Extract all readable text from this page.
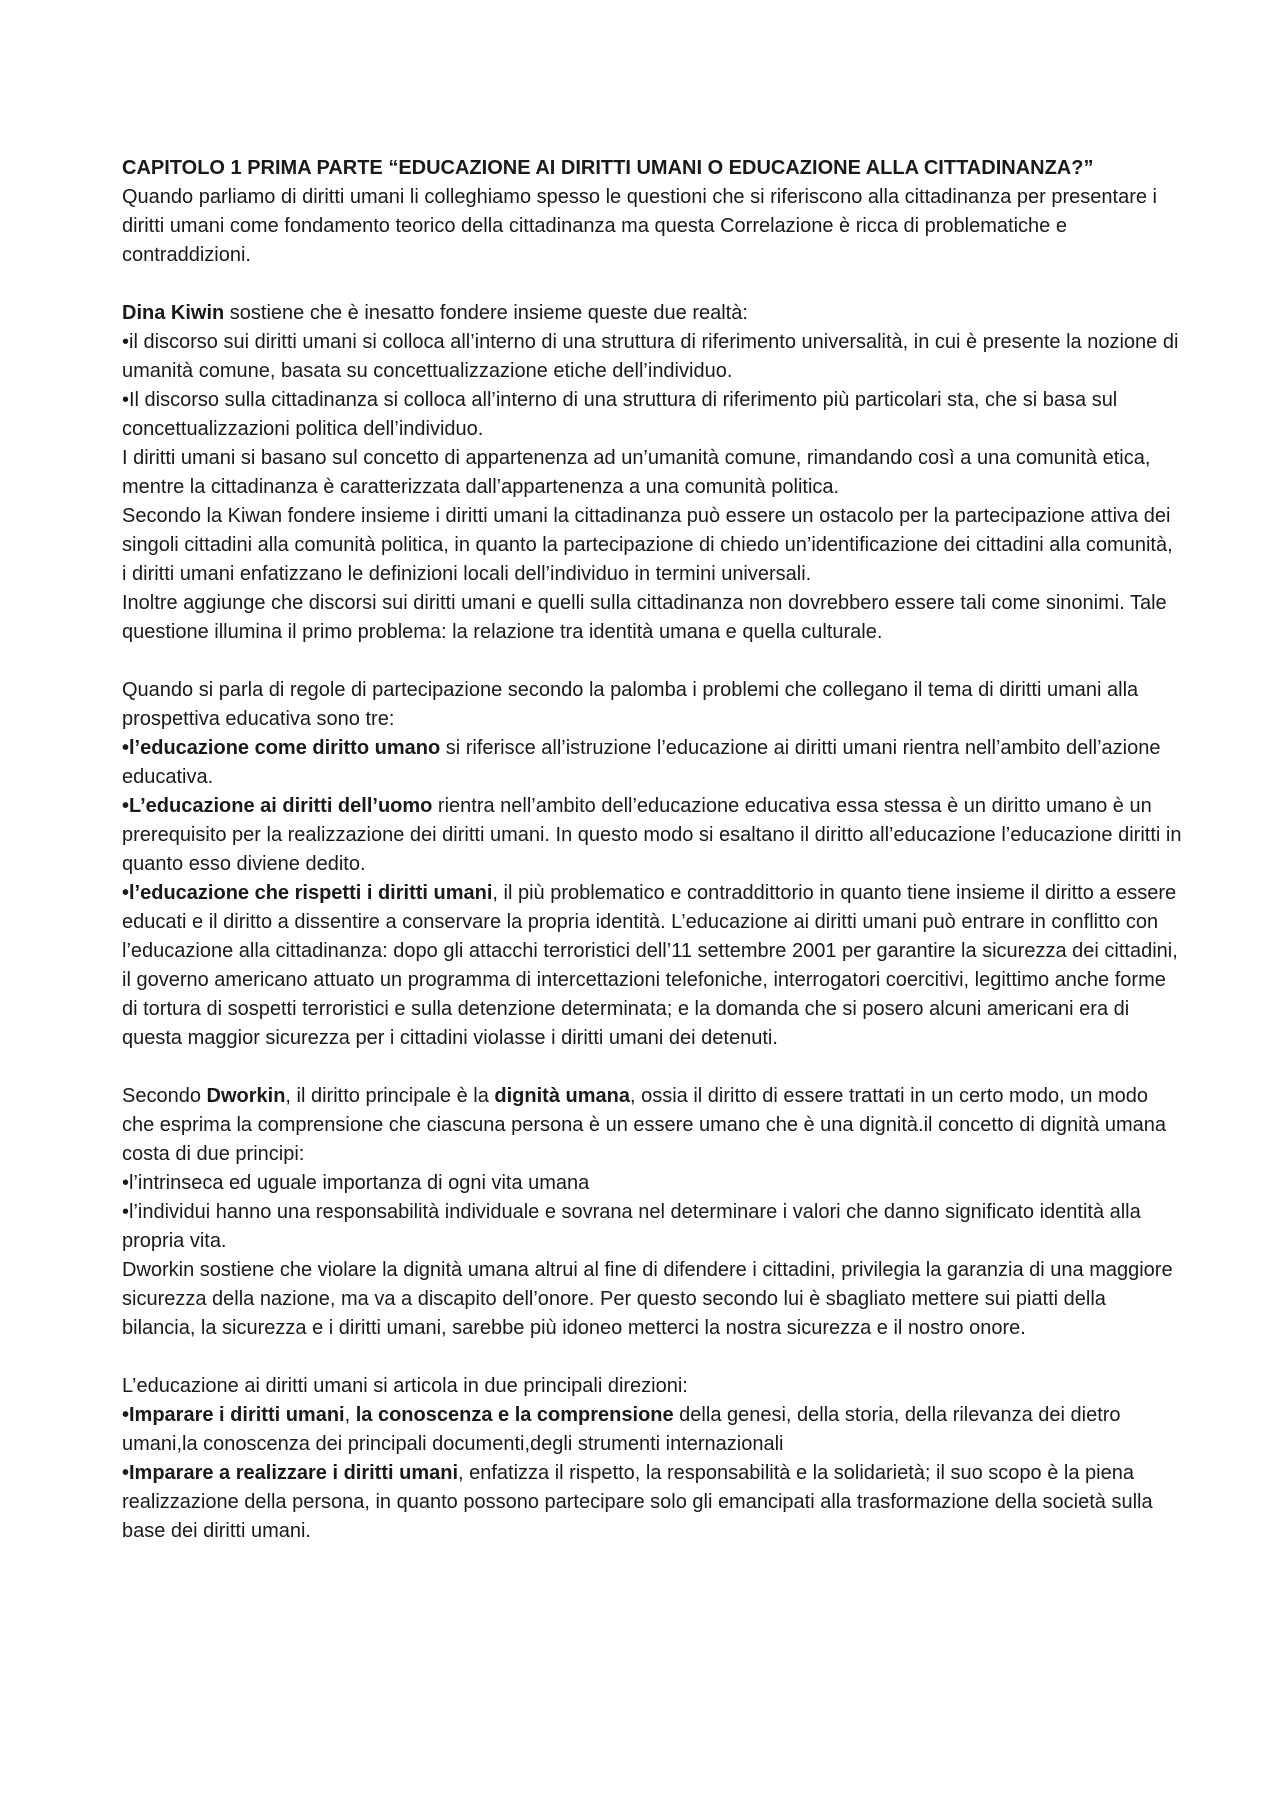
CAPITOLO 1 PRIMA PARTE “EDUCAZIONE AI DIRITTI UMANI O EDUCAZIONE ALLA CITTADINANZA?”

Quando parliamo di diritti umani li colleghiamo spesso le questioni che si riferiscono alla cittadinanza per presentare i diritti umani come fondamento teorico della cittadinanza ma questa Correlazione è ricca di problematiche e contraddizioni.

Dina Kiwin sostiene che è inesatto fondere insieme queste due realtà:

•il discorso sui diritti umani si colloca all’interno di una struttura di riferimento universalità, in cui è presente la nozione di umanità comune, basata su concettualizzazione etiche dell’individuo.

•Il discorso sulla cittadinanza si colloca all’interno di una struttura di riferimento più particolari sta, che si basa sul concettualizzazioni politica dell’individuo.

I diritti umani si basano sul concetto di appartenenza ad un’umanità comune, rimandando così a una comunità etica, mentre la cittadinanza è caratterizzata dall’appartenenza a una comunità politica.

Secondo la Kiwan fondere insieme i diritti umani la cittadinanza può essere un ostacolo per la partecipazione attiva dei singoli cittadini alla comunità politica, in quanto la partecipazione di chiedo un’identificazione dei cittadini alla comunità, i diritti umani enfatizzano le definizioni locali dell’individuo in termini universali.

Inoltre aggiunge che discorsi sui diritti umani e quelli sulla cittadinanza non dovrebbero essere tali come sinonimi. Tale questione illumina il primo problema: la relazione tra identità umana e quella culturale.

Quando si parla di regole di partecipazione secondo la palomba i problemi che collegano il tema di diritti umani alla prospettiva educativa sono tre:

•l’educazione come diritto umano si riferisce all’istruzione l’educazione ai diritti umani rientra nell’ambito dell’azione educativa.

•L’educazione ai diritti dell’uomo rientra nell’ambito dell’educazione educativa essa stessa è un diritto umano è un prerequisito per la realizzazione dei diritti umani. In questo modo si esaltano il diritto all’educazione l’educazione diritti in quanto esso diviene dedito.

•l’educazione che rispetti i diritti umani, il più problematico e contraddittorio in quanto tiene insieme il diritto a essere educati e il diritto a dissentire a conservare la propria identità. L’educazione ai diritti umani può entrare in conflitto con l’educazione alla cittadinanza: dopo gli attacchi terroristici dell’11 settembre 2001 per garantire la sicurezza dei cittadini, il governo americano attuato un programma di intercettazioni telefoniche, interrogatori coercitivi, legittimo anche forme di tortura di sospetti terroristici e sulla detenzione determinata; e la domanda che si posero alcuni americani era di questa maggior sicurezza per i cittadini violasse i diritti umani dei detenuti.

Secondo Dworkin, il diritto principale è la dignità umana, ossia il diritto di essere trattati in un certo modo, un modo che esprima la comprensione che ciascuna persona è un essere umano che è una dignità.il concetto di dignità umana costa di due principi:

•l’intrinseca ed uguale importanza di ogni vita umana

•l’individui hanno una responsabilità individuale e sovrana nel determinare i valori che danno significato identità alla propria vita.

Dworkin sostiene che violare la dignità umana altrui al fine di difendere i cittadini, privilegia la garanzia di una maggiore sicurezza della nazione, ma va a discapito dell’onore. Per questo secondo lui è sbagliato mettere sui piatti della bilancia, la sicurezza e i diritti umani, sarebbe più idoneo metterci la nostra sicurezza e il nostro onore.

L’educazione ai diritti umani si articola in due principali direzioni:

•Imparare i diritti umani, la conoscenza e la comprensione della genesi, della storia, della rilevanza dei dietro umani,la conoscenza dei principali documenti,degli strumenti internazionali

•Imparare a realizzare i diritti umani, enfatizza il rispetto, la responsabilità e la solidarietà; il suo scopo è la piena realizzazione della persona, in quanto possono partecipare solo gli emancipati alla trasformazione della società sulla base dei diritti umani.
